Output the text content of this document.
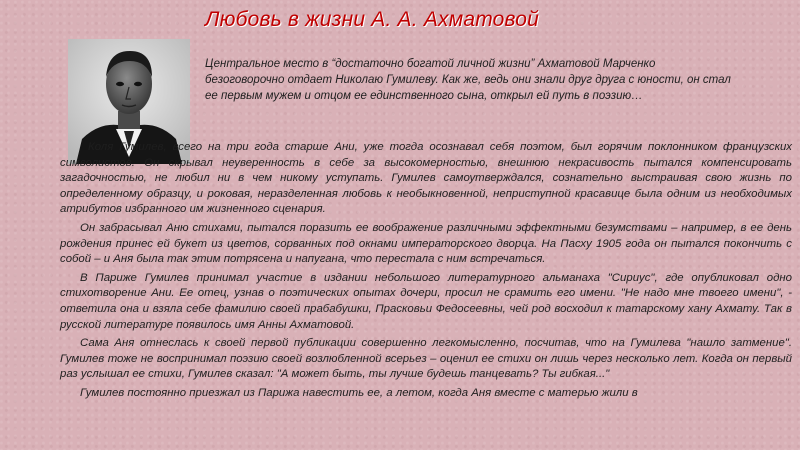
Любовь в жизни А. А. Ахматовой

Центральное место в “достаточно богатой личной жизни” Ахматовой Марченко безоговорочно отдает Николаю Гумилеву. Как же, ведь они знали друг друга с юности, он стал ее первым мужем и отцом ее единственного сына, открыл ей путь в поэзию…

Коля Гумилев, всего на три года старше Ани, уже тогда осознавал себя поэтом, был горячим поклонником французских символистов. Он скрывал неуверенность в себе за высокомерностью, внешнюю некрасивость пытался компенсировать загадочностью, не любил ни в чем никому уступать. Гумилев самоутверждался, сознательно выстраивая свою жизнь по определенному образцу, и роковая, неразделенная любовь к необыкновенной, неприступной красавице была одним из необходимых атрибутов избранного им жизненного сценария.

Он забрасывал Аню стихами, пытался поразить ее воображение различными эффектными безумствами – например, в ее день рождения принес ей букет из цветов, сорванных под окнами императорского дворца. На Пасху 1905 года он пытался покончить с собой – и Аня была так этим потрясена и напугана, что перестала с ним встречаться.

В Париже Гумилев принимал участие в издании небольшого литературного альманаха "Сириус", где опубликовал одно стихотворение Ани. Ее отец, узнав о поэтических опытах дочери, просил не срамить его имени. "Не надо мне твоего имени", - ответила она и взяла себе фамилию своей прабабушки, Прасковьи Федосеевны, чей род восходил к татарскому хану Ахмату. Так в русской литературе появилось имя Анны Ахматовой.

Сама Аня отнеслась к своей первой публикации совершенно легкомысленно, посчитав, что на Гумилева "нашло затмение". Гумилев тоже не воспринимал поэзию своей возлюбленной всерьез – оценил ее стихи он лишь через несколько лет. Когда он первый раз услышал ее стихи, Гумилев сказал: "А может быть, ты лучше будешь танцевать? Ты гибкая..."

Гумилев постоянно приезжал из Парижа навестить ее, а летом, когда Аня вместе с матерью жили в
